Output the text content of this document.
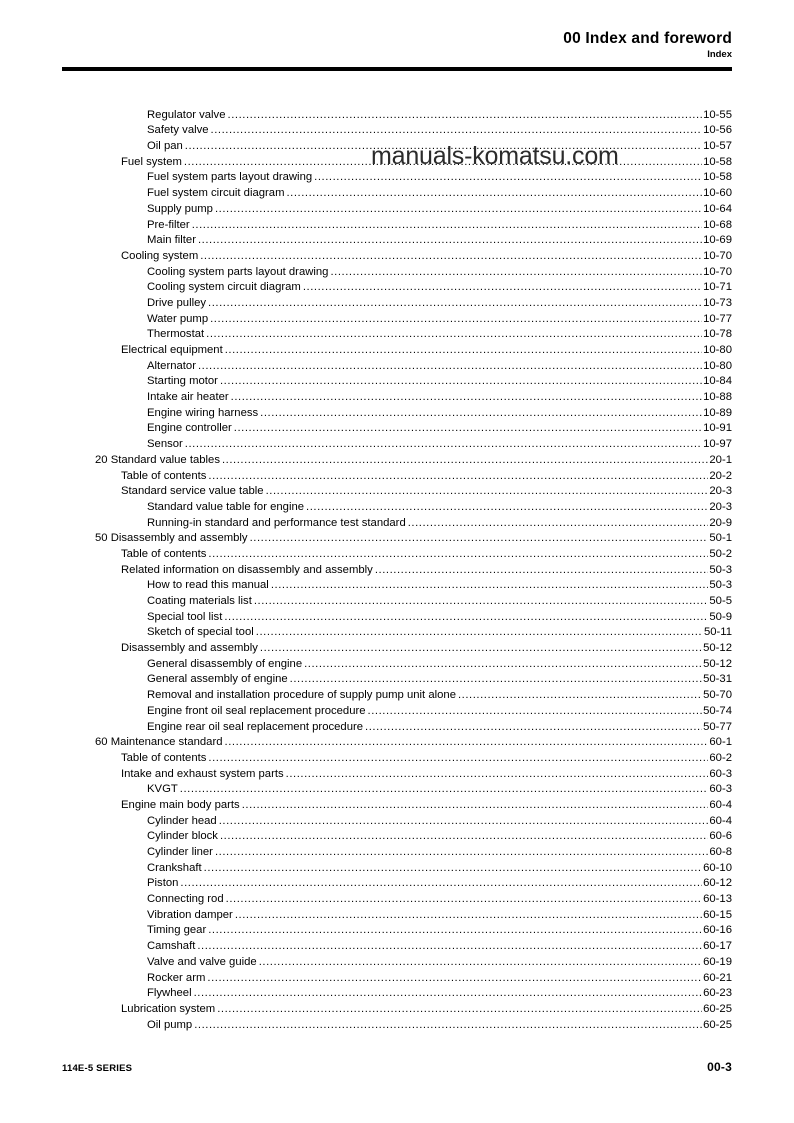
00 Index and foreword
Index
Regulator valve .....	10-55
Safety valve .....	10-56
Oil pan .....	10-57
Fuel system .....	10-58
Fuel system parts layout drawing .....	10-58
Fuel system circuit diagram .....	10-60
Supply pump .....	10-64
Pre-filter .....	10-68
Main filter .....	10-69
Cooling system .....	10-70
Cooling system parts layout drawing .....	10-70
Cooling system circuit diagram .....	10-71
Drive pulley .....	10-73
Water pump .....	10-77
Thermostat .....	10-78
Electrical equipment .....	10-80
Alternator .....	10-80
Starting motor .....	10-84
Intake air heater .....	10-88
Engine wiring harness .....	10-89
Engine controller .....	10-91
Sensor .....	10-97
20 Standard value tables .....	20-1
Table of contents .....	20-2
Standard service value table .....	20-3
Standard value table for engine .....	20-3
Running-in standard and performance test standard .....	20-9
50 Disassembly and assembly .....	50-1
Table of contents .....	50-2
Related information on disassembly and assembly .....	50-3
How to read this manual .....	50-3
Coating materials list .....	50-5
Special tool list .....	50-9
Sketch of special tool .....	50-11
Disassembly and assembly .....	50-12
General disassembly of engine .....	50-12
General assembly of engine .....	50-31
Removal and installation procedure of supply pump unit alone .....	50-70
Engine front oil seal replacement procedure .....	50-74
Engine rear oil seal replacement procedure .....	50-77
60 Maintenance standard .....	60-1
Table of contents .....	60-2
Intake and exhaust system parts .....	60-3
KVGT .....	60-3
Engine main body parts .....	60-4
Cylinder head .....	60-4
Cylinder block .....	60-6
Cylinder liner .....	60-8
Crankshaft .....	60-10
Piston .....	60-12
Connecting rod .....	60-13
Vibration damper .....	60-15
Timing gear .....	60-16
Camshaft .....	60-17
Valve and valve guide .....	60-19
Rocker arm .....	60-21
Flywheel .....	60-23
Lubrication system .....	60-25
Oil pump .....	60-25
manuals-komatsu.com
114E-5 SERIES	00-3
